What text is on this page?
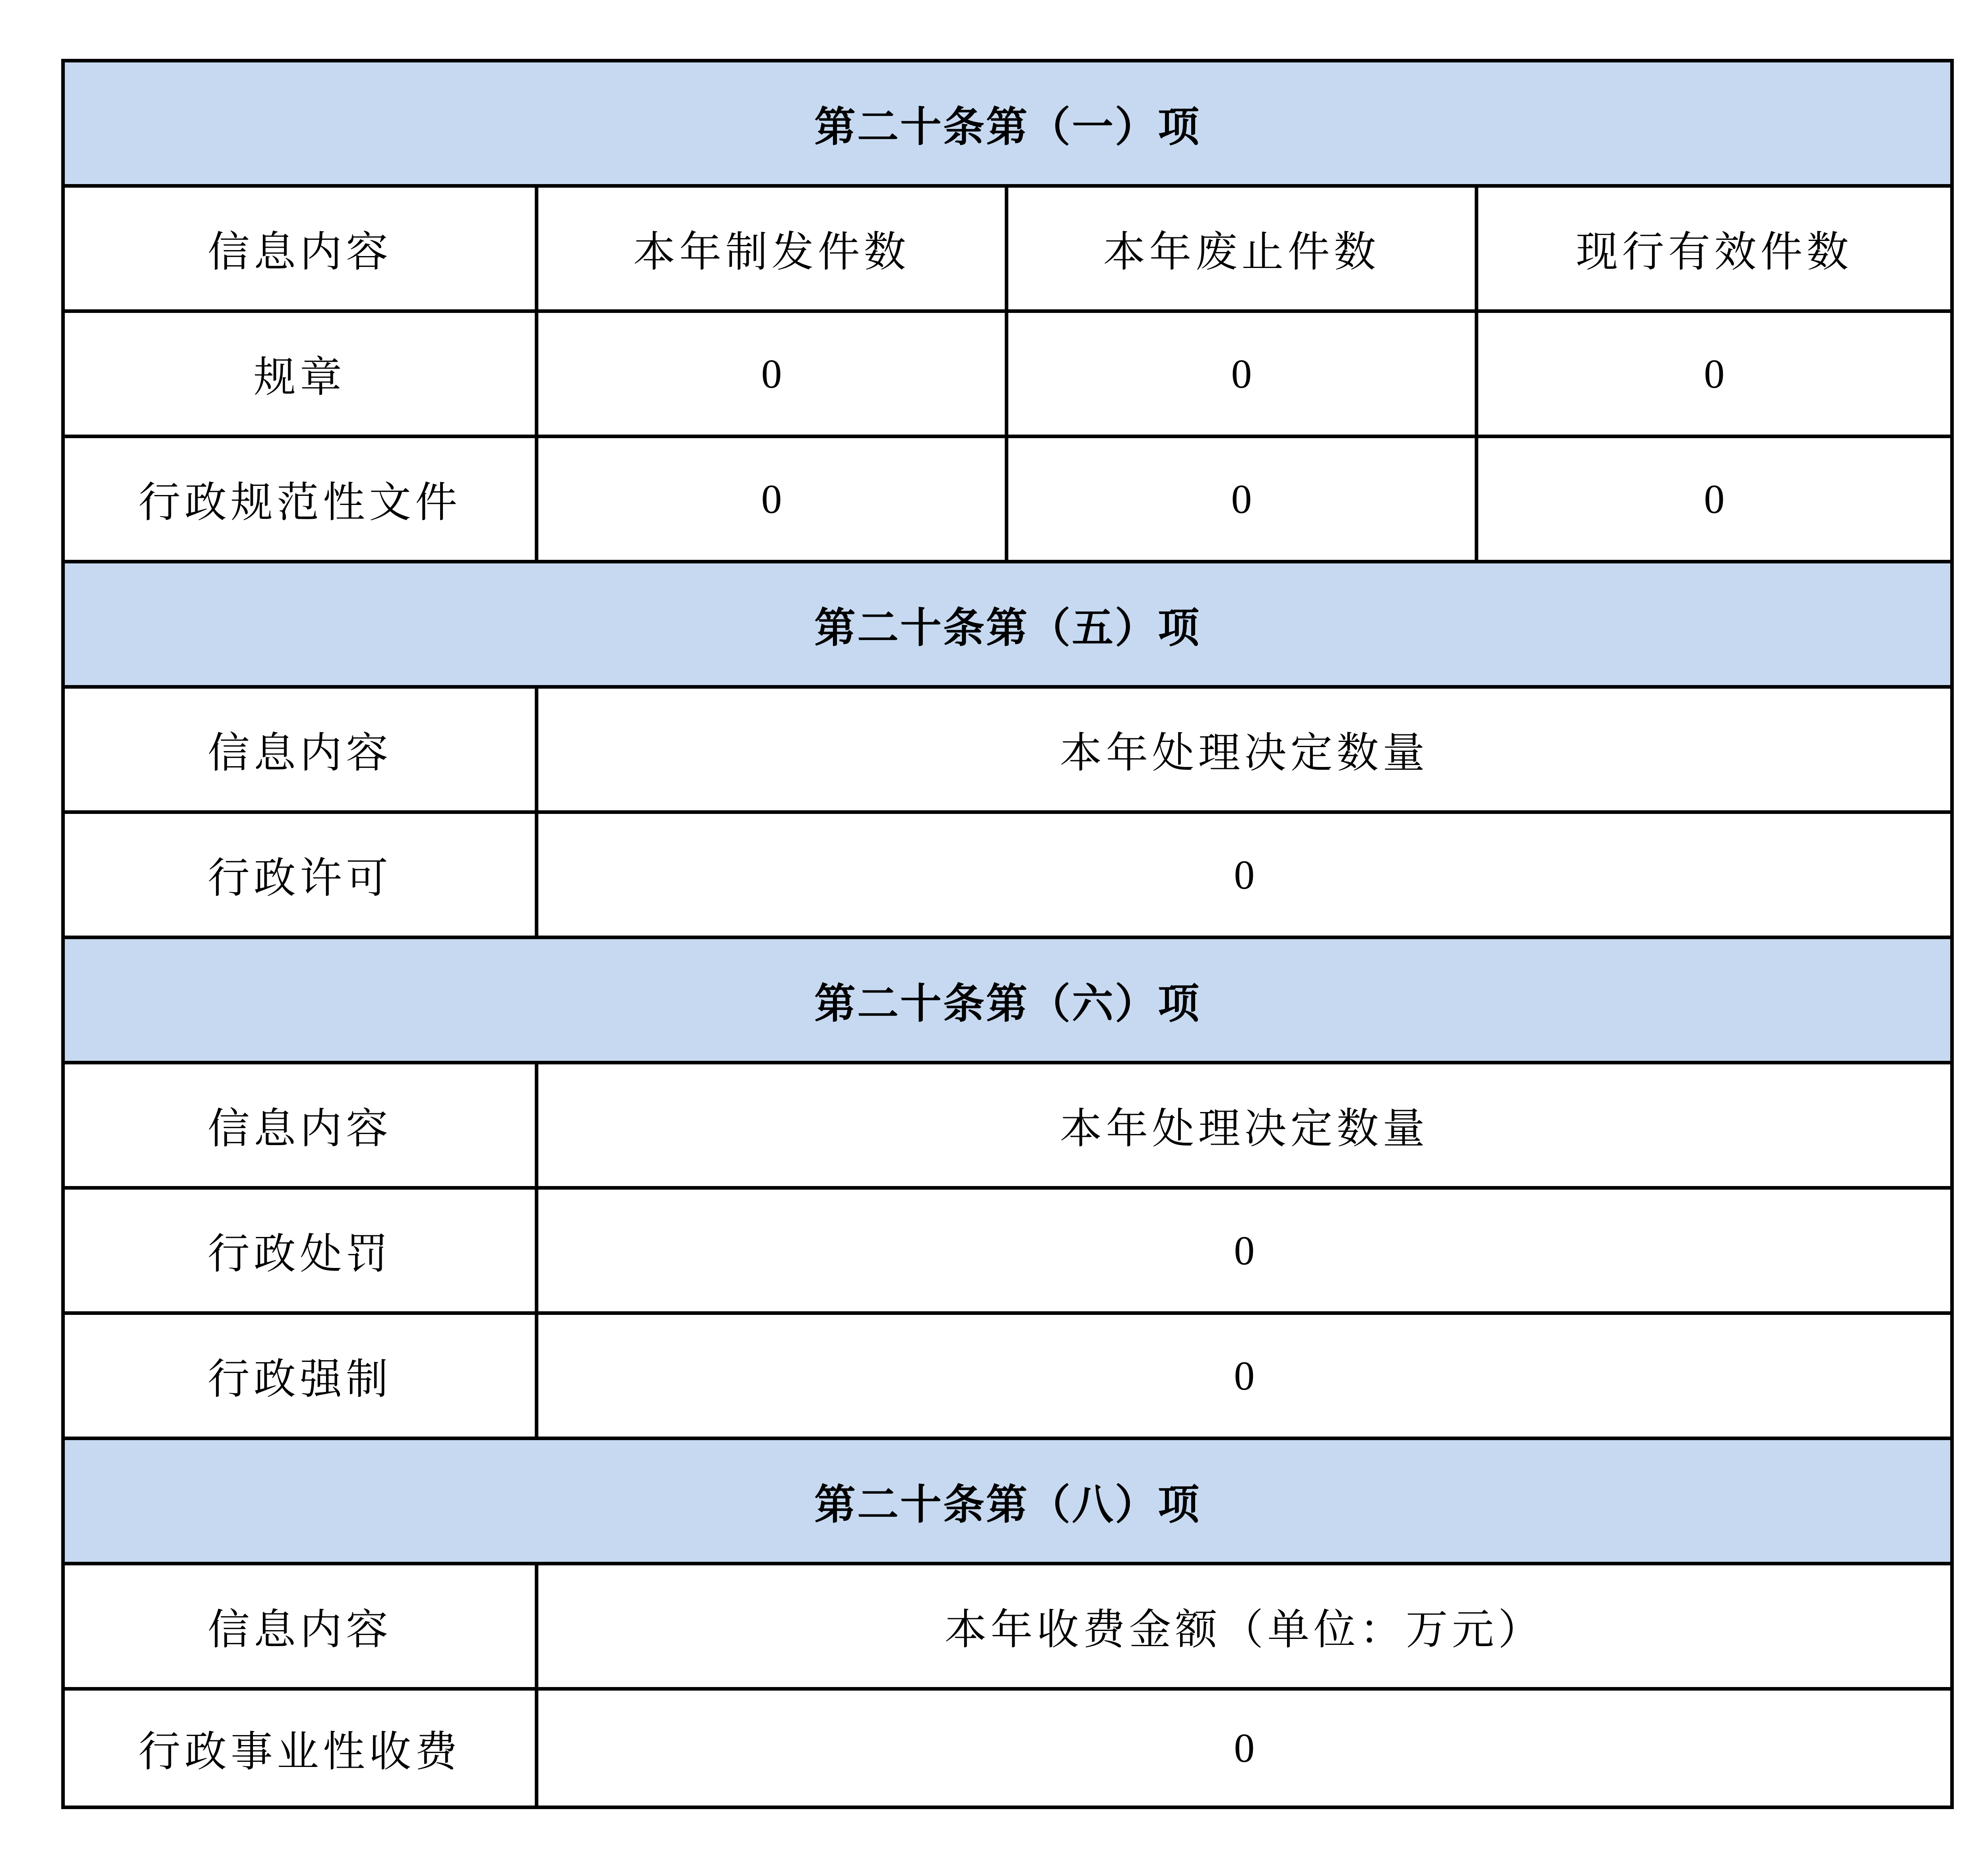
第二十条第（一）项
信息内容	本年制发件数	本年废止件数	现行有效件数
规章	0	0	0
行政规范性文件	0	0	0
第二十条第（五）项
信息内容	本年处理决定数量
行政许可	0
第二十条第（六）项
信息内容	本年处理决定数量
行政处罚	0
行政强制	0
第二十条第（八）项
信息内容	本年收费金额（单位：万元）
行政事业性收费	0
